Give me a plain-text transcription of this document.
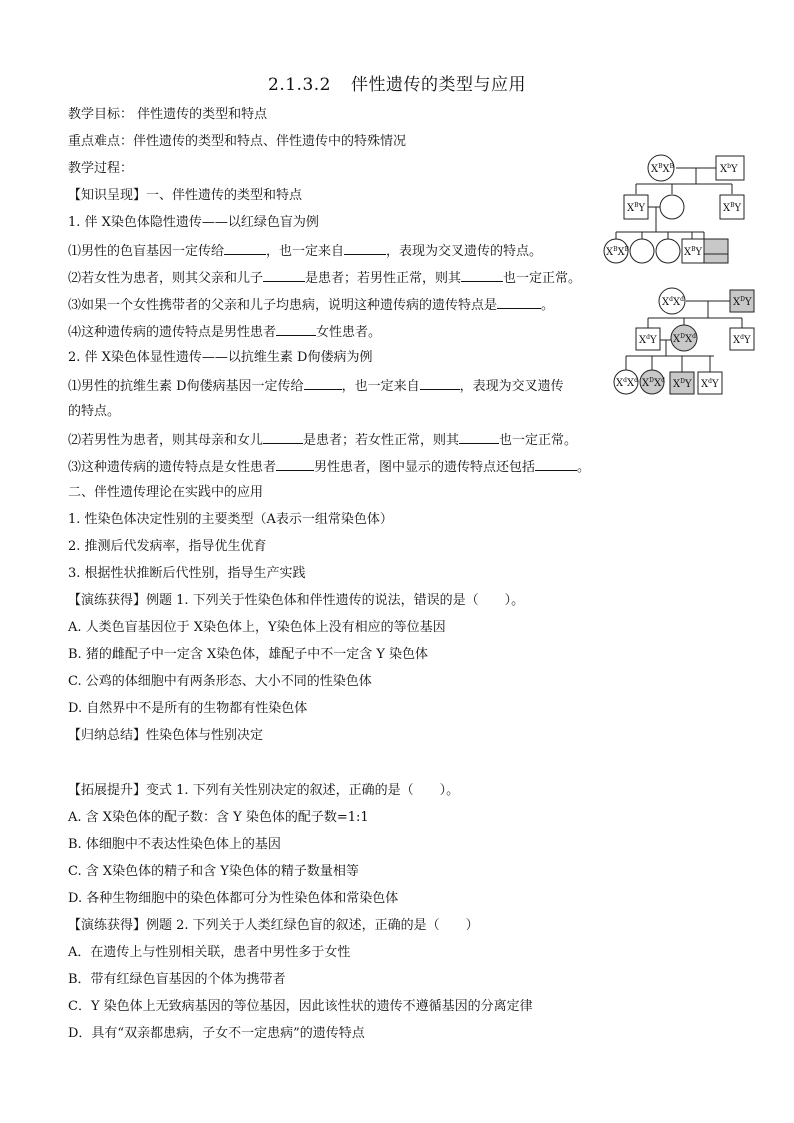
2.1.3.2 伴性遗传的类型与应用
教学目标： 伴性遗传的类型和特点
重点难点：伴性遗传的类型和特点、伴性遗传中的特殊情况
教学过程：
【知识呈现】一、伴性遗传的类型和特点
1. 伴 X染色体隐性遗传——以红绿色盲为例
⑴男性的色盲基因一定传给	，也一定来自	，表现为交叉遗传的特点。
⑵若女性为患者，则其父亲和儿子	是患者；若男性正常，则其	也一定正常。
⑶如果一个女性携带者的父亲和儿子均患病，说明这种遗传病的遗传特点是	。
⑷这种遗传病的遗传特点是男性患者	女性患者。
2. 伴 X染色体显性遗传——以抗维生素 D佝偻病为例
⑴男性的抗维生素 D佝偻病基因一定传给	，也一定来自	，表现为交叉遗传
的特点。
⑵若男性为患者，则其母亲和女儿	是患者；若女性正常，则其	也一定正常。
⑶这种遗传病的遗传特点是女性患者	男性患者，图中显示的遗传特点还包括	。
二、伴性遗传理论在实践中的应用
1. 性染色体决定性别的主要类型（A表示一组常染色体）
2. 推测后代发病率，指导优生优育
3. 根据性状推断后代性别，指导生产实践
【演练获得】例题 1. 下列关于性染色体和伴性遗传的说法，错误的是（　　）。
A. 人类色盲基因位于 X染色体上，Y染色体上没有相应的等位基因
B. 猪的雌配子中一定含 X染色体，雄配子中不一定含 Y 染色体
C. 公鸡的体细胞中有两条形态、大小不同的性染色体
D. 自然界中不是所有的生物都有性染色体
【归纳总结】性染色体与性别决定
【拓展提升】变式 1. 下列有关性别决定的叙述，正确的是（　　）。
A. 含 X染色体的配子数：含 Y 染色体的配子数=1:1
B. 体细胞中不表达性染色体上的基因
C. 含 X染色体的精子和含 Y染色体的精子数量相等
D. 各种生物细胞中的染色体都可分为性染色体和常染色体
【演练获得】例题 2. 下列关于人类红绿色盲的叙述，正确的是（　　）
A．在遗传上与性别相关联，患者中男性多于女性
B．带有红绿色盲基因的个体为携带者
C．Y 染色体上无致病基因的等位基因，因此该性状的遗传不遵循基因的分离定律
D．具有“双亲都患病，子女不一定患病”的遗传特点
$X^BX^B$	$X^bY$
$X^BY$	$X^BY$
$X^BX^B$	$X^BY$
$X^dX^d$	$X^DY$
$X^dY$ $X^DX^d$	$X^dY$
$X^dX^d$ $X^DX^d$ $X^DY$ $X^dY$
